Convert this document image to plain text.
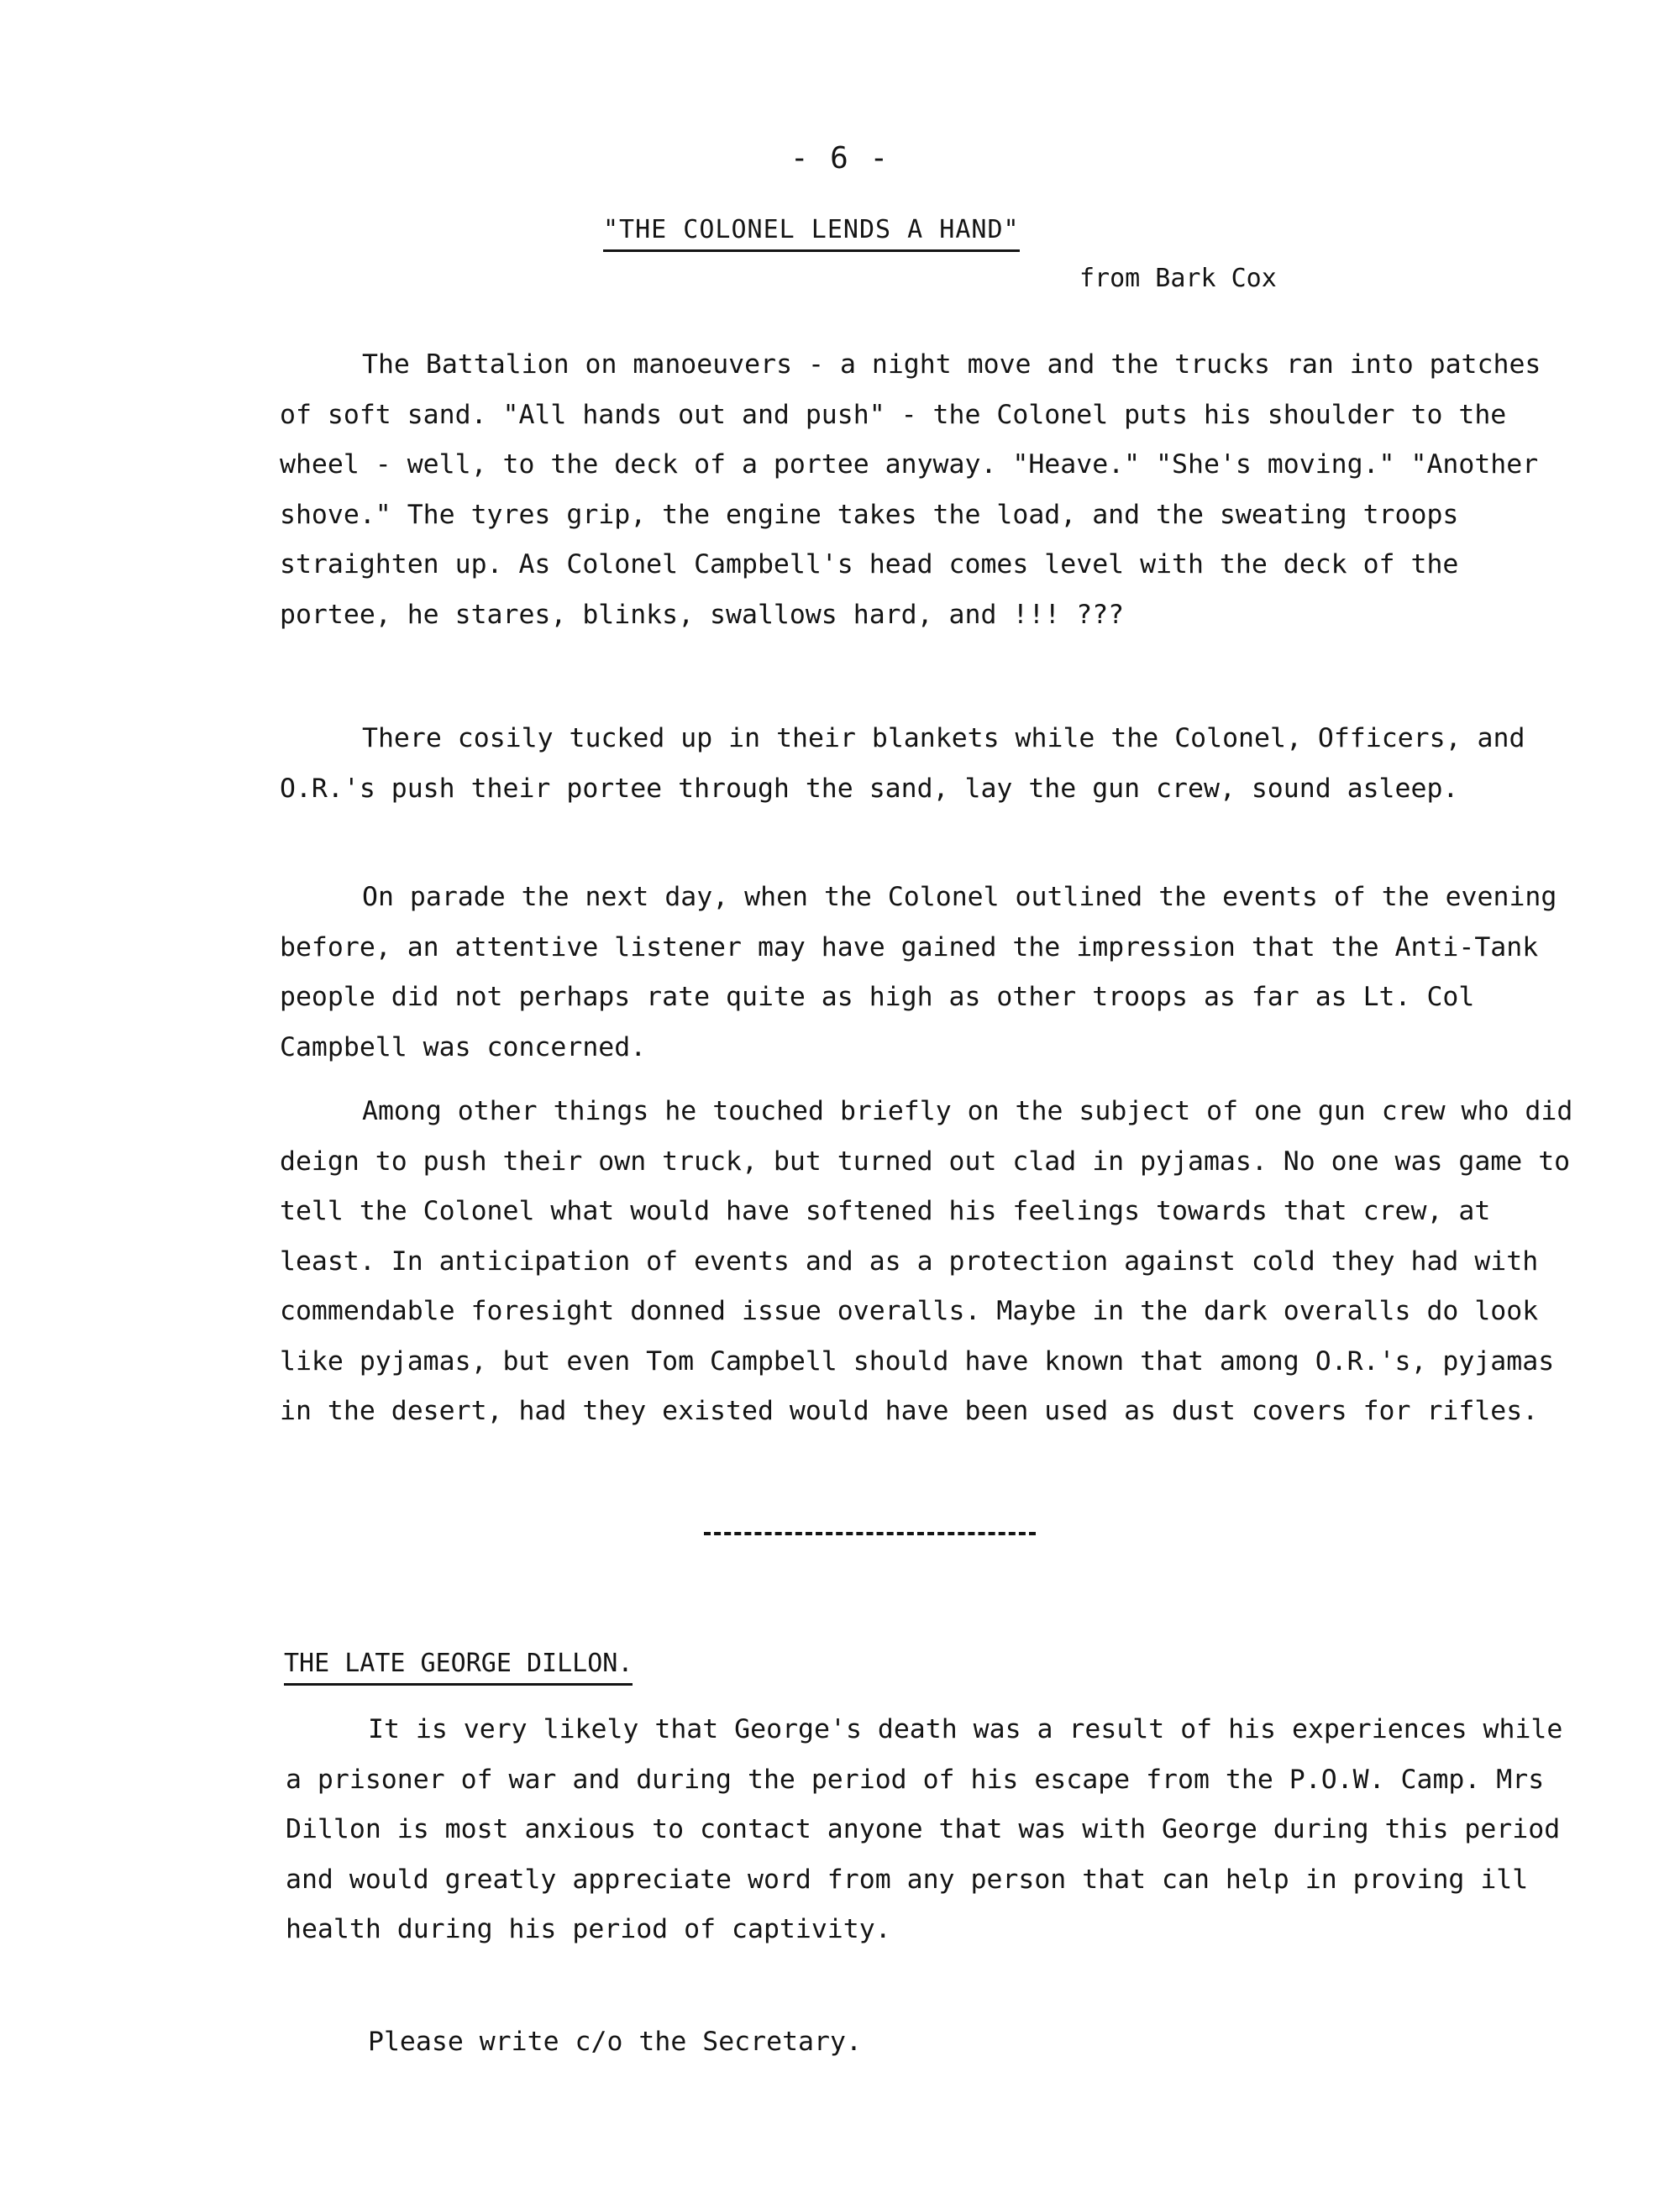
- 6 -
"THE COLONEL LENDS A HAND"
from Bark Cox

The Battalion on manoeuvers - a night move and the trucks ran into patches of soft sand. "All hands out and push" - the Colonel puts his shoulder to the wheel - well, to the deck of a portee anyway. "Heave." "She's moving." "Another shove." The tyres grip, the engine takes the load, and the sweating troops straighten up. As Colonel Campbell's head comes level with the deck of the portee, he stares, blinks, swallows hard, and !!! ???

There cosily tucked up in their blankets while the Colonel, Officers, and O.R.'s push their portee through the sand, lay the gun crew, sound asleep.

On parade the next day, when the Colonel outlined the events of the evening before, an attentive listener may have gained the impression that the Anti-Tank people did not perhaps rate quite as high as other troops as far as Lt. Col Campbell was concerned.

Among other things he touched briefly on the subject of one gun crew who did deign to push their own truck, but turned out clad in pyjamas. No one was game to tell the Colonel what would have softened his feelings towards that crew, at least. In anticipation of events and as a protection against cold they had with commendable foresight donned issue overalls. Maybe in the dark overalls do look like pyjamas, but even Tom Campbell should have known that among O.R.'s, pyjamas in the desert, had they existed would have been used as dust covers for rifles.

THE LATE GEORGE DILLON.

It is very likely that George's death was a result of his experiences while a prisoner of war and during the period of his escape from the P.O.W. Camp. Mrs Dillon is most anxious to contact anyone that was with George during this period and would greatly appreciate word from any person that can help in proving ill health during his period of captivity.

Please write c/o the Secretary.
